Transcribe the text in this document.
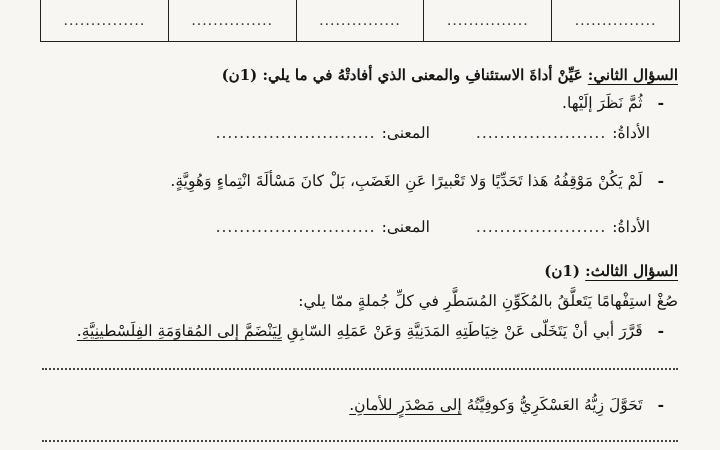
...............
...............
...............
...............
...............
السؤال الثاني: عَيِّنْ أداةَ الاستئنافِ والمعنى الذي أفادتْهُ في ما يلي: (1ن)
- ثُمَّ نَظَرَ إلَيْها.
الأداةُ:
......................
المعنى:
...........................
- لَمْ يَكُنْ مَوْقِفُهُ هَذا تَحَدِّيًا وَلا تَعْبيرًا عَنِ الغَضَبِ، بَلْ كانَ مَسْألَةَ انْتِماءٍ وَهُوِيَّةٍ.
الأداةُ:
......................
المعنى:
...........................
السؤال الثالث: (1ن)
صُغْ استِفْهامًا يَتَعلَّقُ بالمُكَوِّنِ المُسَطَّرِ في كلِّ جُملةٍ ممّا يلي:
- قَرَّرَ أبي أنْ يَتَخَلّى عَنْ خِيَاطَتِهِ المَدَنِيَّةِ وَعَنْ عَمَلِهِ السّابِقِ لِيَنْضَمَّ إلى المُقاوَمَةِ الفِلَسْطينِيَّةِ.
- تَحَوَّلَ زِيُّهُ العَسْكَرِيُّ وَكوفِيَّتُهُ إلى مَصْدَرٍ للأمانِ.
